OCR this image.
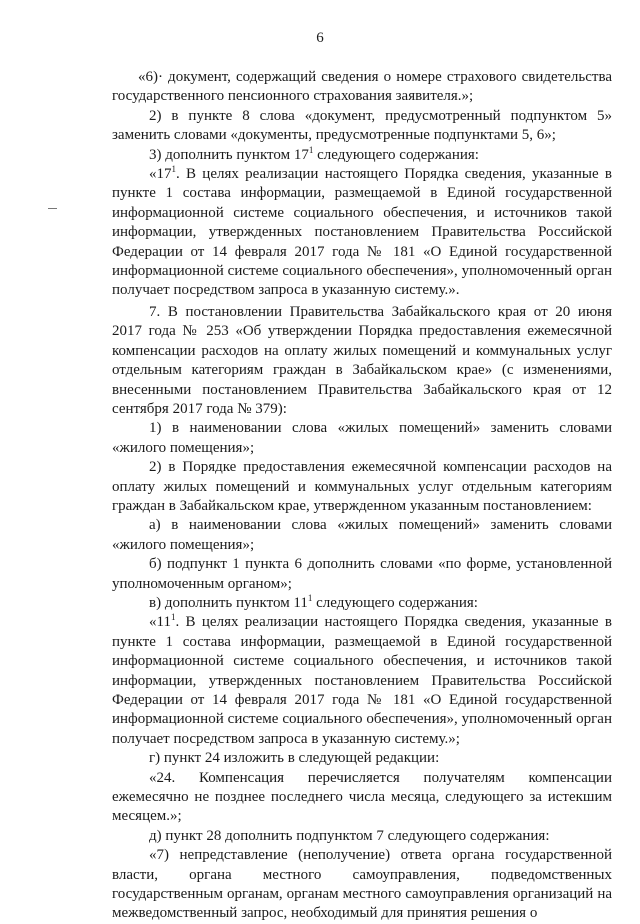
6

«6)· документ, содержащий сведения о номере страхового свидетельства государственного пенсионного страхования заявителя.»;

2) в пункте 8 слова «документ, предусмотренный подпунктом 5» заменить словами «документы, предусмотренные подпунктами 5, 6»;

3) дополнить пунктом $17^1$ следующего содержания:

«$17^1$. В целях реализации настоящего Порядка сведения, указанные в пункте 1 состава информации, размещаемой в Единой государственной информационной системе социального обеспечения, и источников такой информации, утвержденных постановлением Правительства Российской Федерации от 14 февраля 2017 года № 181 «О Единой государственной информационной системе социального обеспечения», уполномоченный орган получает посредством запроса в указанную систему.».

7. В постановлении Правительства Забайкальского края от 20 июня 2017 года № 253 «Об утверждении Порядка предоставления ежемесячной компенсации расходов на оплату жилых помещений и коммунальных услуг отдельным категориям граждан в Забайкальском крае» (с изменениями, внесенными постановлением Правительства Забайкальского края от 12 сентября 2017 года № 379):

1) в наименовании слова «жилых помещений» заменить словами «жилого помещения»;

2) в Порядке предоставления ежемесячной компенсации расходов на оплату жилых помещений и коммунальных услуг отдельным категориям граждан в Забайкальском крае, утвержденном указанным постановлением:

а) в наименовании слова «жилых помещений» заменить словами «жилого помещения»;

б) подпункт 1 пункта 6 дополнить словами «по форме, установленной уполномоченным органом»;

в) дополнить пунктом $11^1$ следующего содержания:

«$11^1$. В целях реализации настоящего Порядка сведения, указанные в пункте 1 состава информации, размещаемой в Единой государственной информационной системе социального обеспечения, и источников такой информации, утвержденных постановлением Правительства Российской Федерации от 14 февраля 2017 года № 181 «О Единой государственной информационной системе социального обеспечения», уполномоченный орган получает посредством запроса в указанную систему.»;

г) пункт 24 изложить в следующей редакции:

«24. Компенсация перечисляется получателям компенсации ежемесячно не позднее последнего числа месяца, следующего за истекшим месяцем.»;

д) пункт 28 дополнить подпунктом 7 следующего содержания:

«7) непредставление (неполучение) ответа органа государственной власти, органа местного самоуправления, подведомственных государственным органам, органам местного самоуправления организаций на межведомственный запрос, необходимый для принятия решения о
